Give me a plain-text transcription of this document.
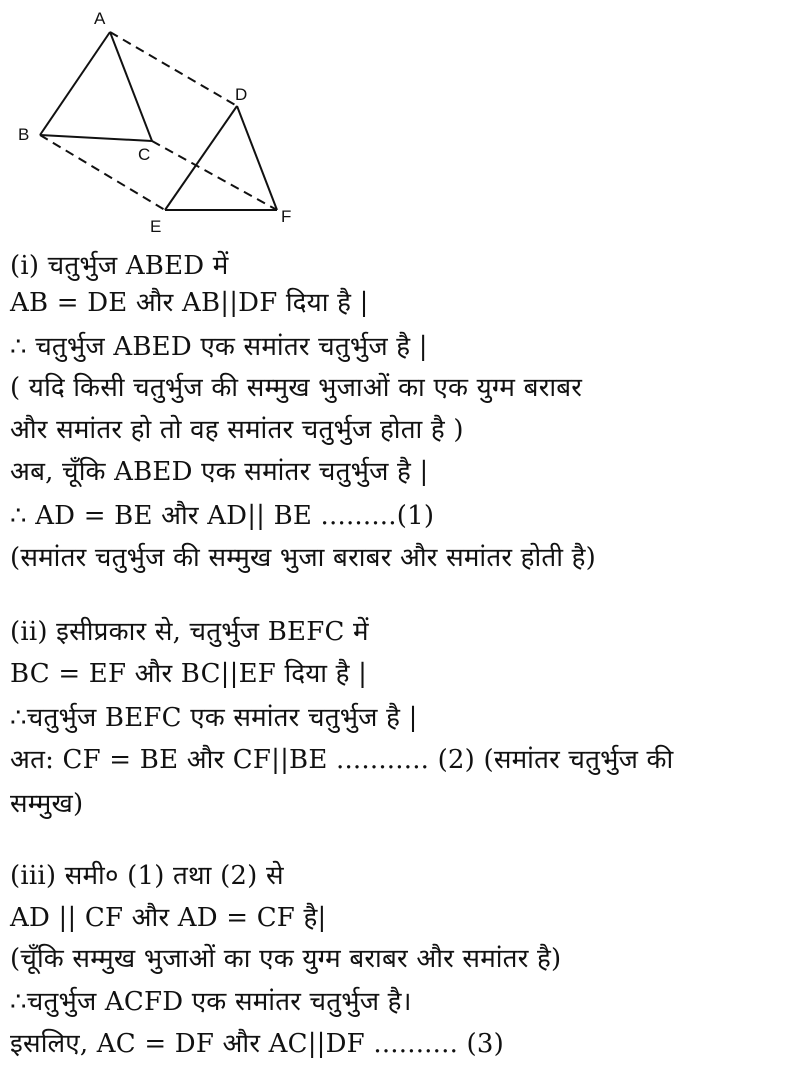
A
B
C
D
E
F
(i) चतुर्भुज ABED में
AB = DE और AB||DF दिया है |
∴ चतुर्भुज ABED एक समांतर चतुर्भुज है |
( यदि किसी चतुर्भुज की सम्मुख भुजाओं का एक युग्म बराबर
और समांतर हो तो वह समांतर चतुर्भुज होता है )
अब, चूँकि ABED एक समांतर चतुर्भुज है |
∴ AD = BE और AD|| BE .........(1)
(समांतर चतुर्भुज की सम्मुख भुजा बराबर और समांतर होती है)
(ii) इसीप्रकार से, चतुर्भुज BEFC में
BC = EF और BC||EF दिया है |
∴चतुर्भुज BEFC एक समांतर चतुर्भुज है |
अत: CF = BE और CF||BE ........... (2) (समांतर चतुर्भुज की
सम्मुख)
(iii) समी० (1) तथा (2) से
AD || CF और AD = CF है|
(चूँकि सम्मुख भुजाओं का एक युग्म बराबर और समांतर है)
∴चतुर्भुज ACFD एक समांतर चतुर्भुज है।
इसलिए, AC = DF और AC||DF .......... (3)
